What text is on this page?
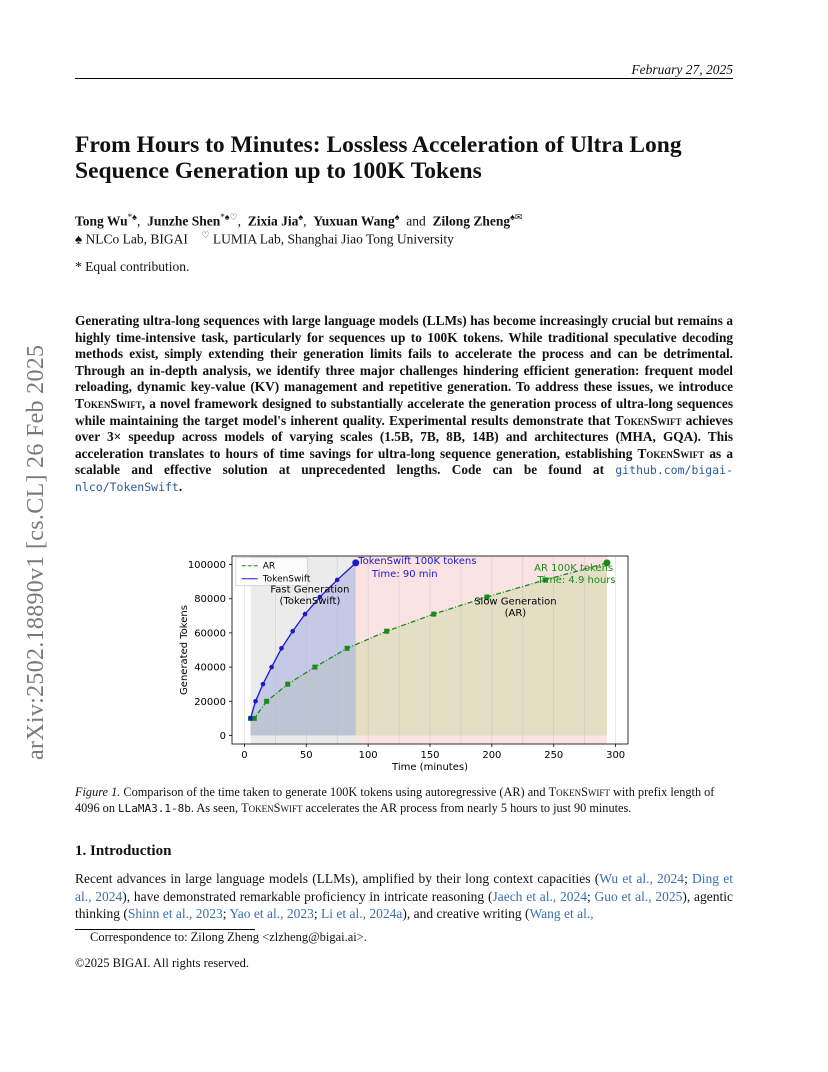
February 27, 2025
arXiv:2502.18890v1 [cs.CL] 26 Feb 2025
From Hours to Minutes: Lossless Acceleration of Ultra Long Sequence Generation up to 100K Tokens
Tong Wu*♠,  Junzhe Shen*♠♡,  Zixia Jia♠,  Yuxuan Wang♠ and Zilong Zheng♠✉
♠ NLCo Lab, BIGAI ♡ LUMIA Lab, Shanghai Jiao Tong University
* Equal contribution.
Generating ultra-long sequences with large language models (LLMs) has become increasingly crucial but remains a highly time-intensive task, particularly for sequences up to 100K tokens. While traditional speculative decoding methods exist, simply extending their generation limits fails to accelerate the process and can be detrimental. Through an in-depth analysis, we identify three major challenges hindering efficient generation: frequent model reloading, dynamic key-value (KV) management and repetitive generation. To address these issues, we introduce TokenSwift, a novel framework designed to substantially accelerate the generation process of ultra-long sequences while maintaining the target model's inherent quality. Experimental results demonstrate that TokenSwift achieves over 3× speedup across models of varying scales (1.5B, 7B, 8B, 14B) and architectures (MHA, GQA). This acceleration translates to hours of time savings for ultra-long sequence generation, establishing TokenSwift as a scalable and effective solution at unprecedented lengths. Code can be found at github.com/bigai-nlco/TokenSwift.
0	50	100	150	200	250	300
0
20000
40000
60000
80000
100000
Time (minutes)
Generated Tokens
AR
TokenSwift
TokenSwift 100K tokens
Time: 90 min
AR 100K tokens
Time: 4.9 hours
Fast Generation
(TokenSwift)	Slow Generation
(AR)
Figure 1. Comparison of the time taken to generate 100K tokens using autoregressive (AR) and TokenSwift with prefix length of 4096 on LLaMA3.1-8b. As seen, TokenSwift accelerates the AR process from nearly 5 hours to just 90 minutes.
1. Introduction
Recent advances in large language models (LLMs), amplified by their long context capacities (Wu et al., 2024; Ding et al., 2024), have demonstrated remarkable proficiency in intricate reasoning (Jaech et al., 2024; Guo et al., 2025), agentic thinking (Shinn et al., 2023; Yao et al., 2023; Li et al., 2024a), and creative writing (Wang et al.,
Correspondence to: Zilong Zheng <zlzheng@bigai.ai>.
©2025 BIGAI. All rights reserved.
